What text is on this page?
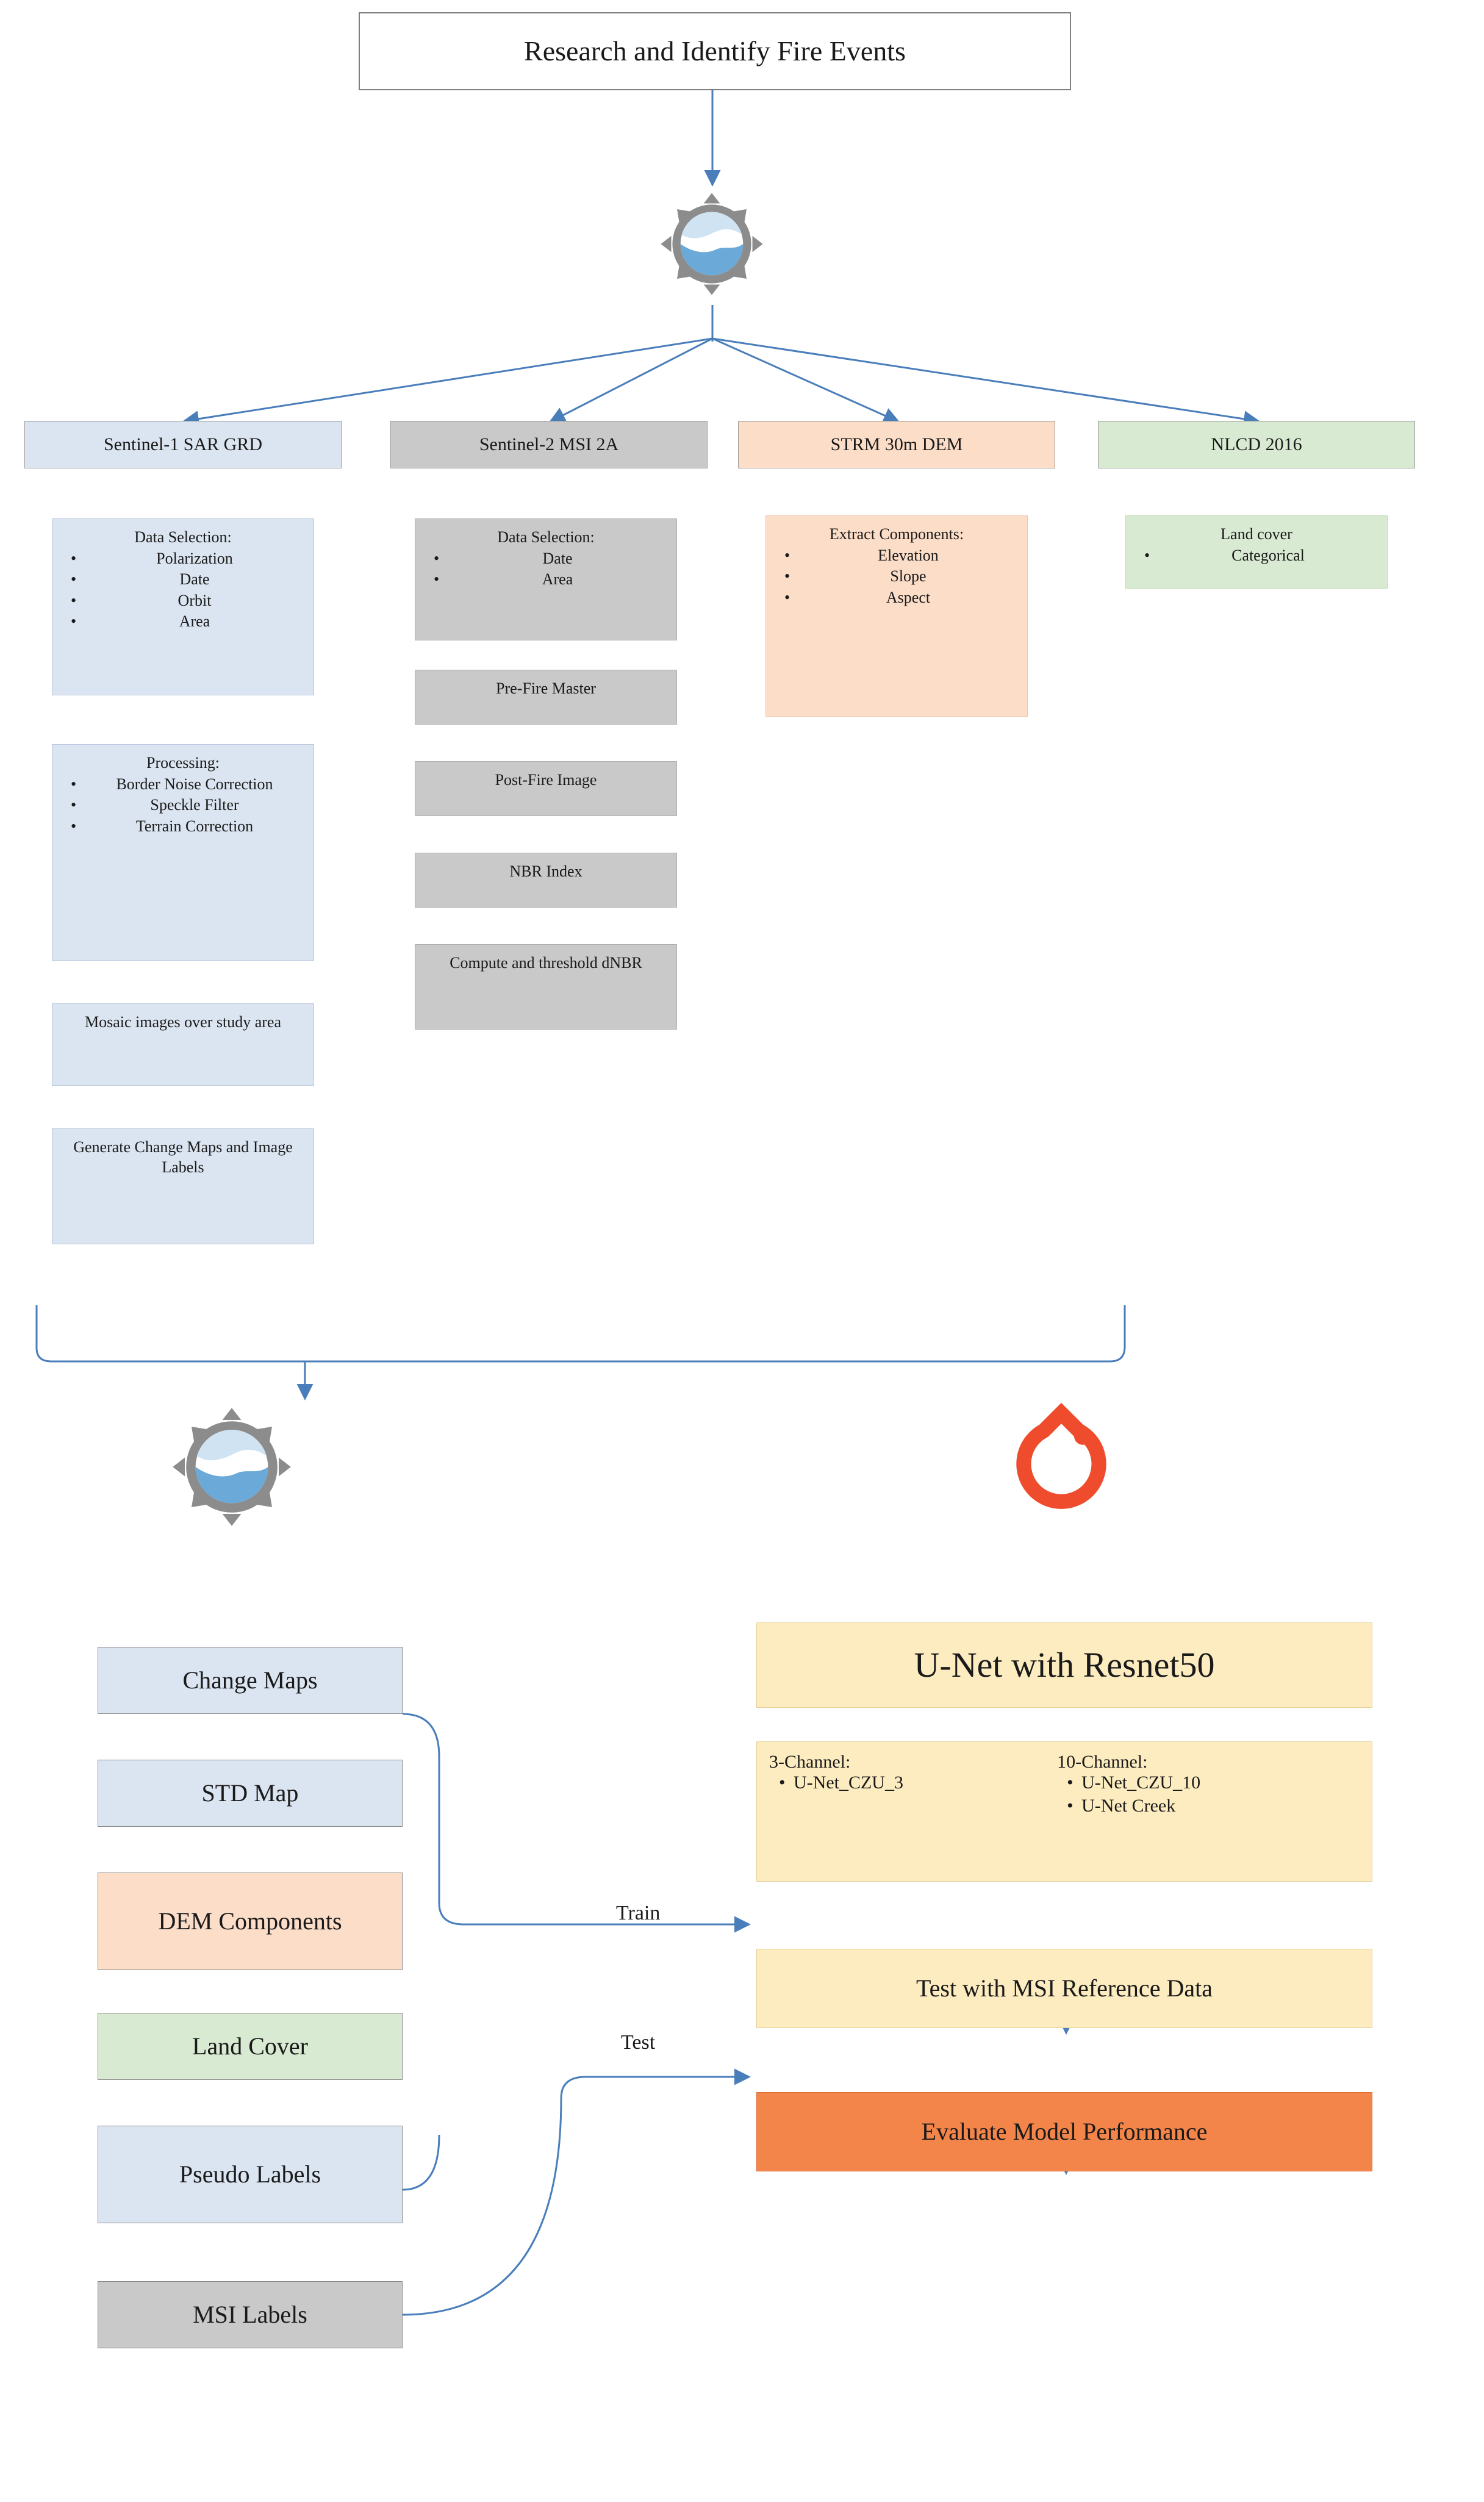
Research and Identify Fire Events
Sentinel-1 SAR GRD	Sentinel-2 MSI 2A	STRM 30m DEM	NLCD 2016
Data Selection:
• Polarization
• Date
• Orbit
• Area
Processing:
• Border Noise Correction
• Speckle Filter
• Terrain Correction
Mosaic images over study area
Generate Change Maps and Image Labels
Data Selection:
• Date
• Area
Pre-Fire Master
Post-Fire Image
NBR Index
Compute and threshold dNBR
Extract Components:
• Elevation
• Slope
• Aspect
Land cover
• Categorical
Change Maps
STD Map
DEM Components
Land Cover
Pseudo Labels
MSI Labels
Train
Test
U-Net with Resnet50
3-Channel:
• U-Net_CZU_3
10-Channel:
• U-Net_CZU_10
• U-Net Creek
Test with MSI Reference Data
Evaluate Model Performance
